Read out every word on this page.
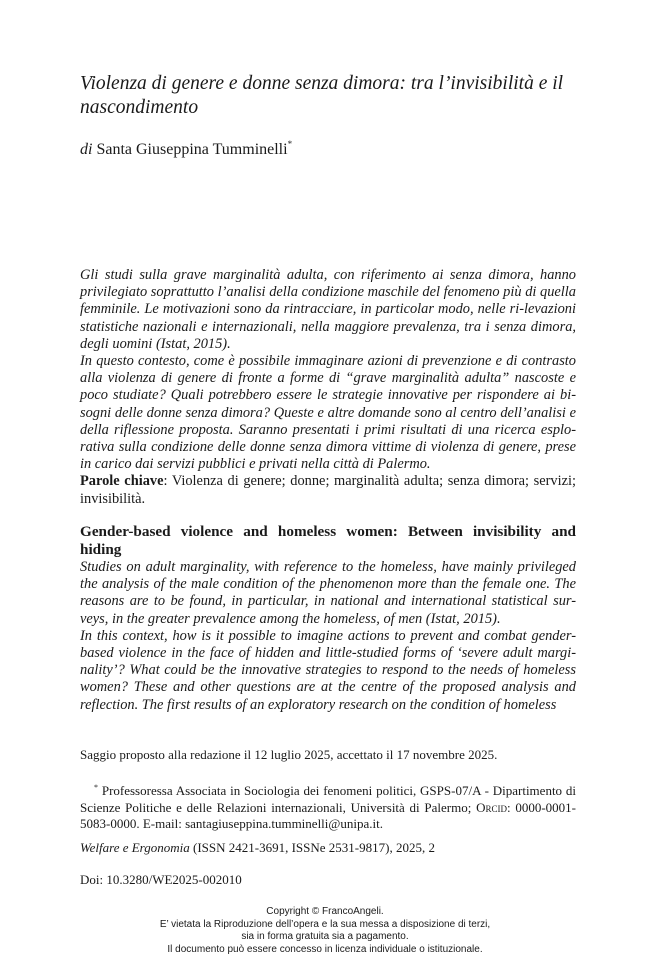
Violenza di genere e donne senza dimora: tra l’invisibilità e il nascondimento

di Santa Giuseppina Tumminelli*

Gli studi sulla grave marginalità adulta, con riferimento ai senza dimora, hanno privilegiato soprattutto l’analisi della condizione maschile del fenomeno più di quella femminile. Le motivazioni sono da rintracciare, in particolar modo, nelle ri-levazioni statistiche nazionali e internazionali, nella maggiore prevalenza, tra i senza dimora, degli uomini (Istat, 2015).

In questo contesto, come è possibile immaginare azioni di prevenzione e di contrasto alla violenza di genere di fronte a forme di “grave marginalità adulta” nascoste e poco studiate? Quali potrebbero essere le strategie innovative per rispondere ai bi-sogni delle donne senza dimora? Queste e altre domande sono al centro dell’analisi e della riflessione proposta. Saranno presentati i primi risultati di una ricerca esplo-rativa sulla condizione delle donne senza dimora vittime di violenza di genere, prese in carico dai servizi pubblici e privati nella città di Palermo.

Parole chiave: Violenza di genere; donne; marginalità adulta; senza dimora; servizi; invisibilità.
Gender-based violence and homeless women: Between invisibility and hiding

Studies on adult marginality, with reference to the homeless, have mainly privileged the analysis of the male condition of the phenomenon more than the female one. The reasons are to be found, in particular, in national and international statistical sur-veys, in the greater prevalence among the homeless, of men (Istat, 2015).

In this context, how is it possible to imagine actions to prevent and combat gender-based violence in the face of hidden and little-studied forms of ‘severe adult margi-nality’? What could be the innovative strategies to respond to the needs of homeless women? These and other questions are at the centre of the proposed analysis and reflection. The first results of an exploratory research on the condition of homeless

Saggio proposto alla redazione il 12 luglio 2025, accettato il 17 novembre 2025.

* Professoressa Associata in Sociologia dei fenomeni politici, GSPS-07/A - Dipartimento di Scienze Politiche e delle Relazioni internazionali, Università di Palermo; Orcid: 0000-0001-5083-0000. E-mail: santagiuseppina.tumminelli@unipa.it.

Welfare e Ergonomia (ISSN 2421-3691, ISSNe 2531-9817), 2025, 2

Doi: 10.3280/WE2025-002010

Copyright © FrancoAngeli.
E’ vietata la Riproduzione dell’opera e la sua messa a disposizione di terzi,
sia in forma gratuita sia a pagamento.
Il documento può essere concesso in licenza individuale o istituzionale.
